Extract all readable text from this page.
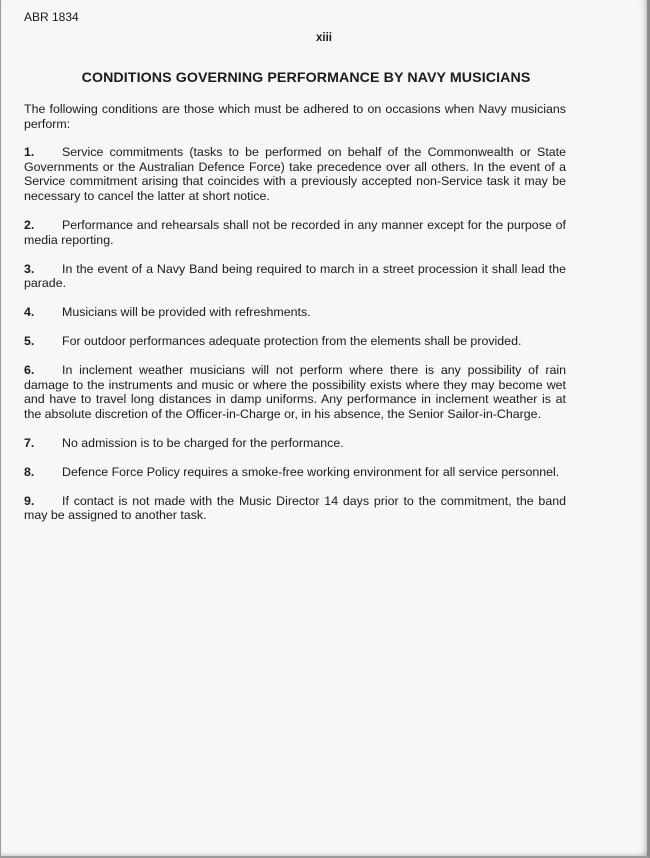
ABR 1834
xiii
CONDITIONS GOVERNING PERFORMANCE BY NAVY MUSICIANS

The following conditions are those which must be adhered to on occasions when Navy musicians perform:

1. Service commitments (tasks to be performed on behalf of the Commonwealth or State Governments or the Australian Defence Force) take precedence over all others. In the event of a Service commitment arising that coincides with a previously accepted non-Service task it may be necessary to cancel the latter at short notice.

2. Performance and rehearsals shall not be recorded in any manner except for the purpose of media reporting.

3. In the event of a Navy Band being required to march in a street procession it shall lead the parade.

4. Musicians will be provided with refreshments.

5. For outdoor performances adequate protection from the elements shall be provided.

6. In inclement weather musicians will not perform where there is any possibility of rain damage to the instruments and music or where the possibility exists where they may become wet and have to travel long distances in damp uniforms. Any performance in inclement weather is at the absolute discretion of the Officer-in-Charge or, in his absence, the Senior Sailor-in-Charge.

7. No admission is to be charged for the performance.

8. Defence Force Policy requires a smoke-free working environment for all service personnel.

9. If contact is not made with the Music Director 14 days prior to the commitment, the band may be assigned to another task.
